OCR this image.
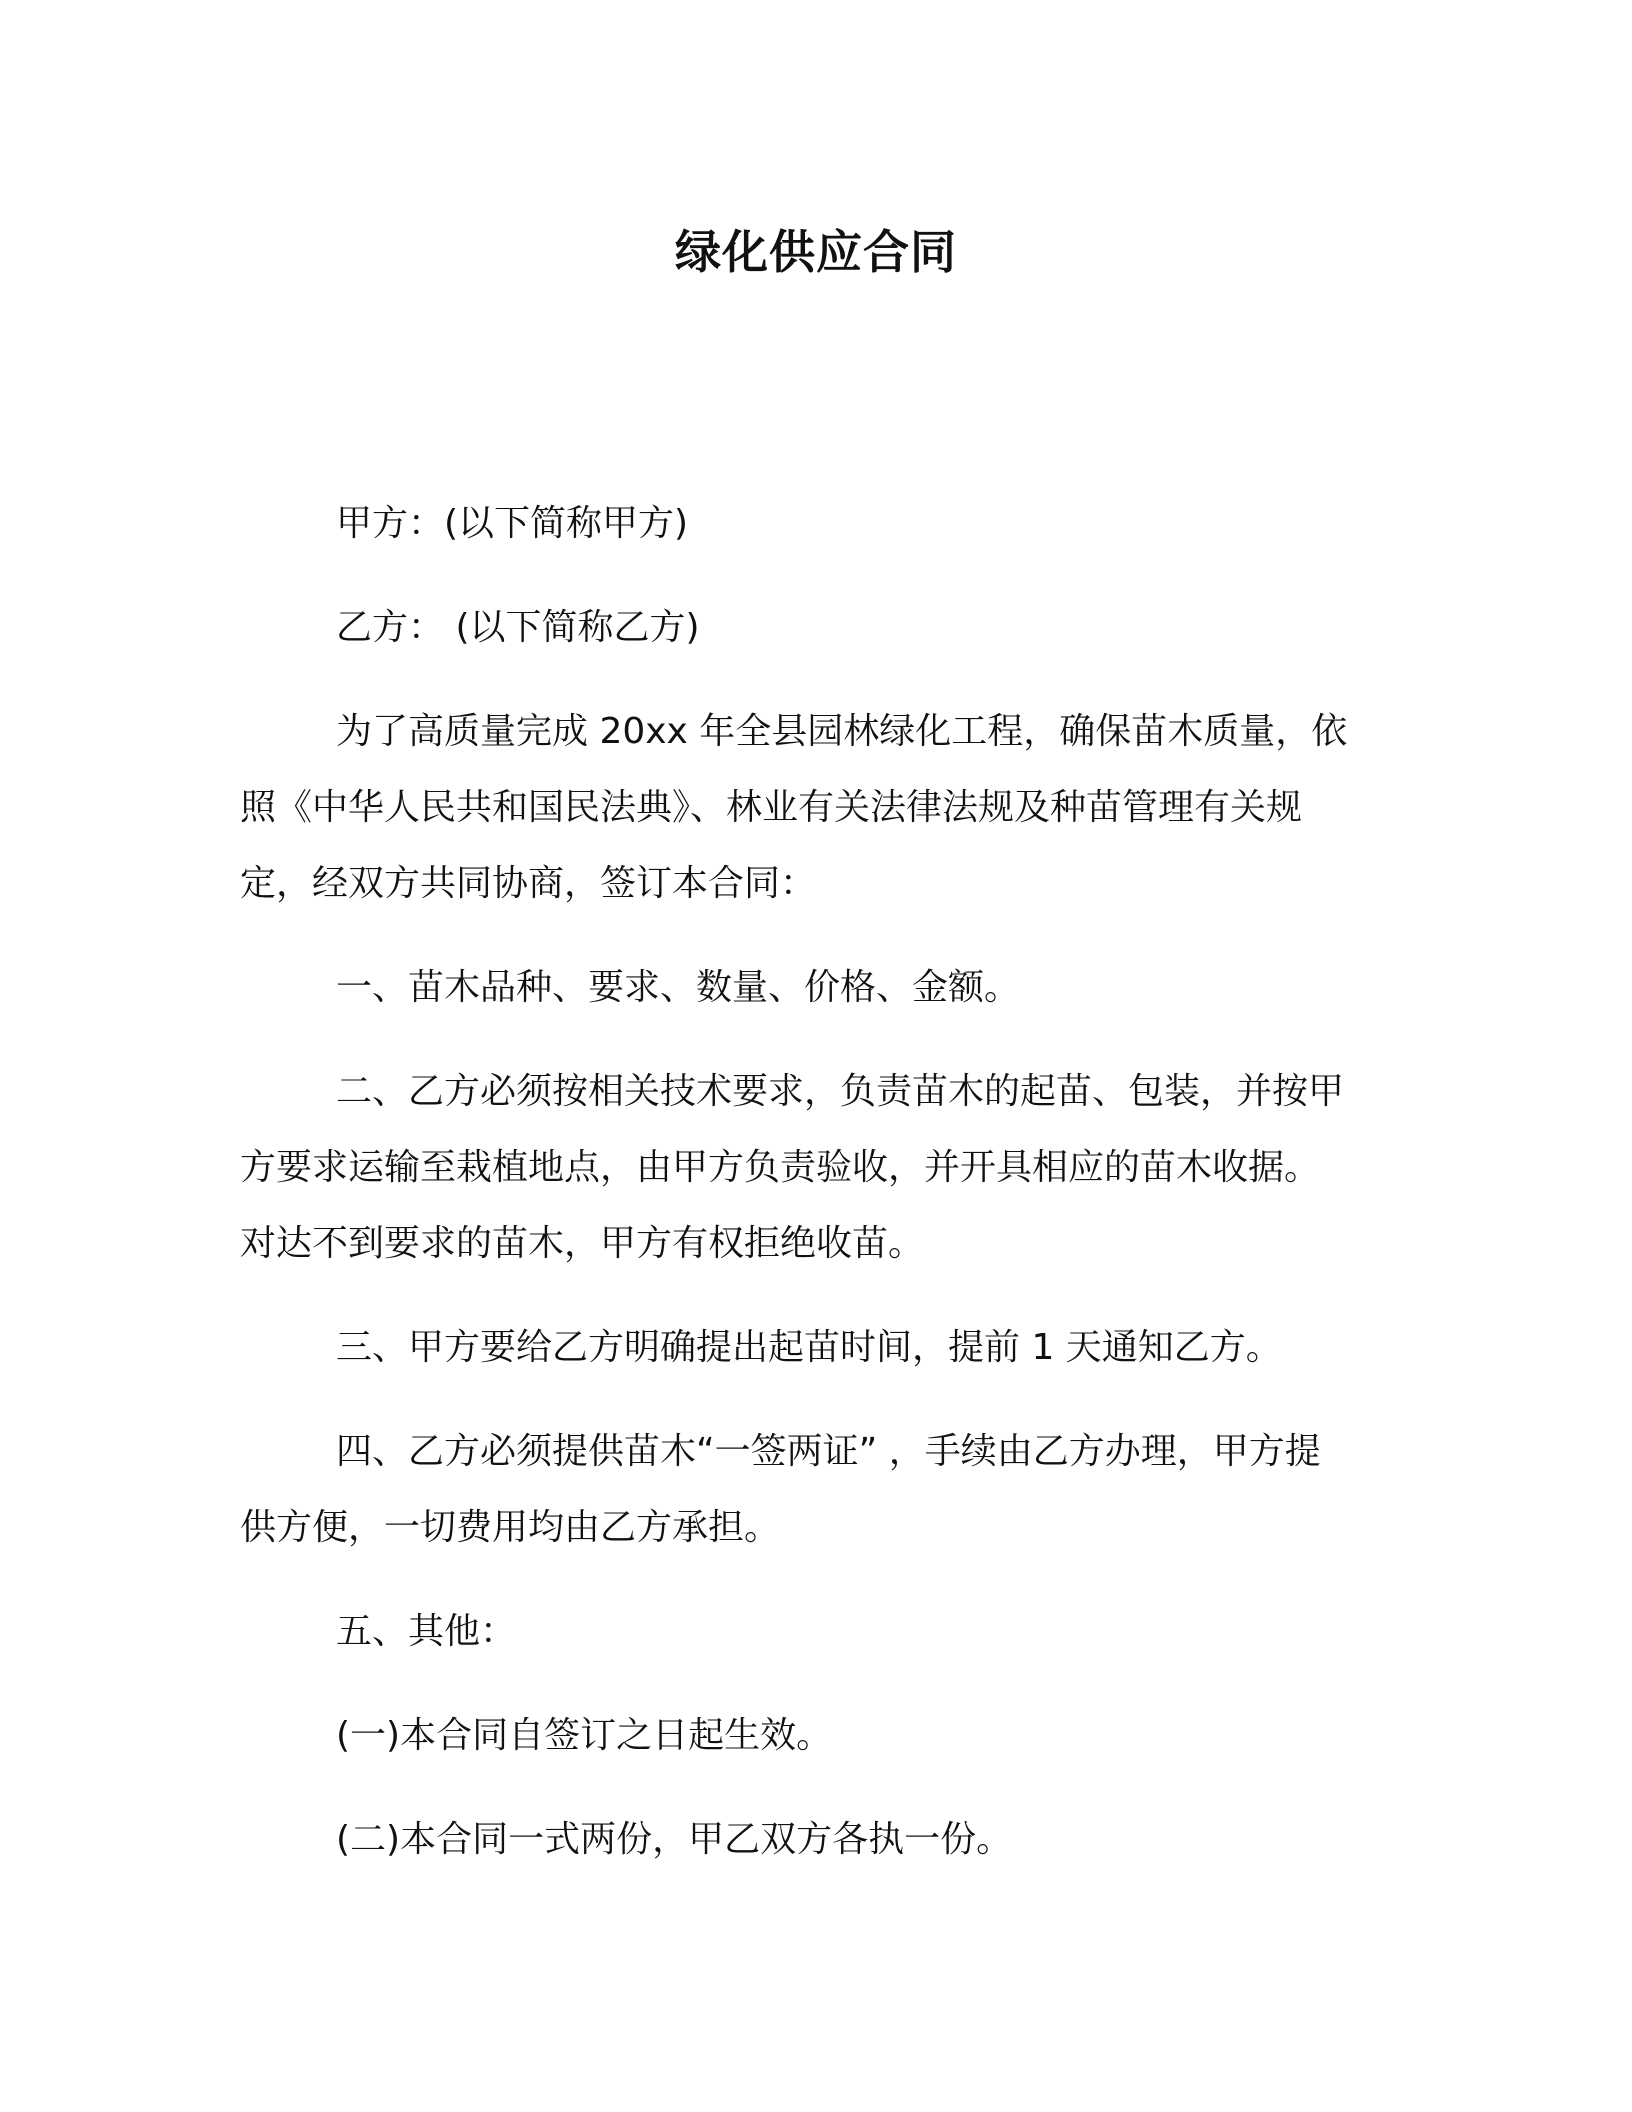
绿化供应合同
甲方：(以下简称甲方)
乙方： (以下简称乙方)
为了高质量完成 20xx 年全县园林绿化工程，确保苗木质量，依
照《中华人民共和国民法典》、林业有关法律法规及种苗管理有关规
定，经双方共同协商，签订本合同：
一、苗木品种、要求、数量、价格、金额。
二、乙方必须按相关技术要求，负责苗木的起苗、包装，并按甲
方要求运输至栽植地点，由甲方负责验收，并开具相应的苗木收据。
对达不到要求的苗木，甲方有权拒绝收苗。
三、甲方要给乙方明确提出起苗时间，提前 1 天通知乙方。
四、乙方必须提供苗木“一签两证” ，手续由乙方办理，甲方提
供方便，一切费用均由乙方承担。
五、其他：
(一)本合同自签订之日起生效。
(二)本合同一式两份，甲乙双方各执一份。
